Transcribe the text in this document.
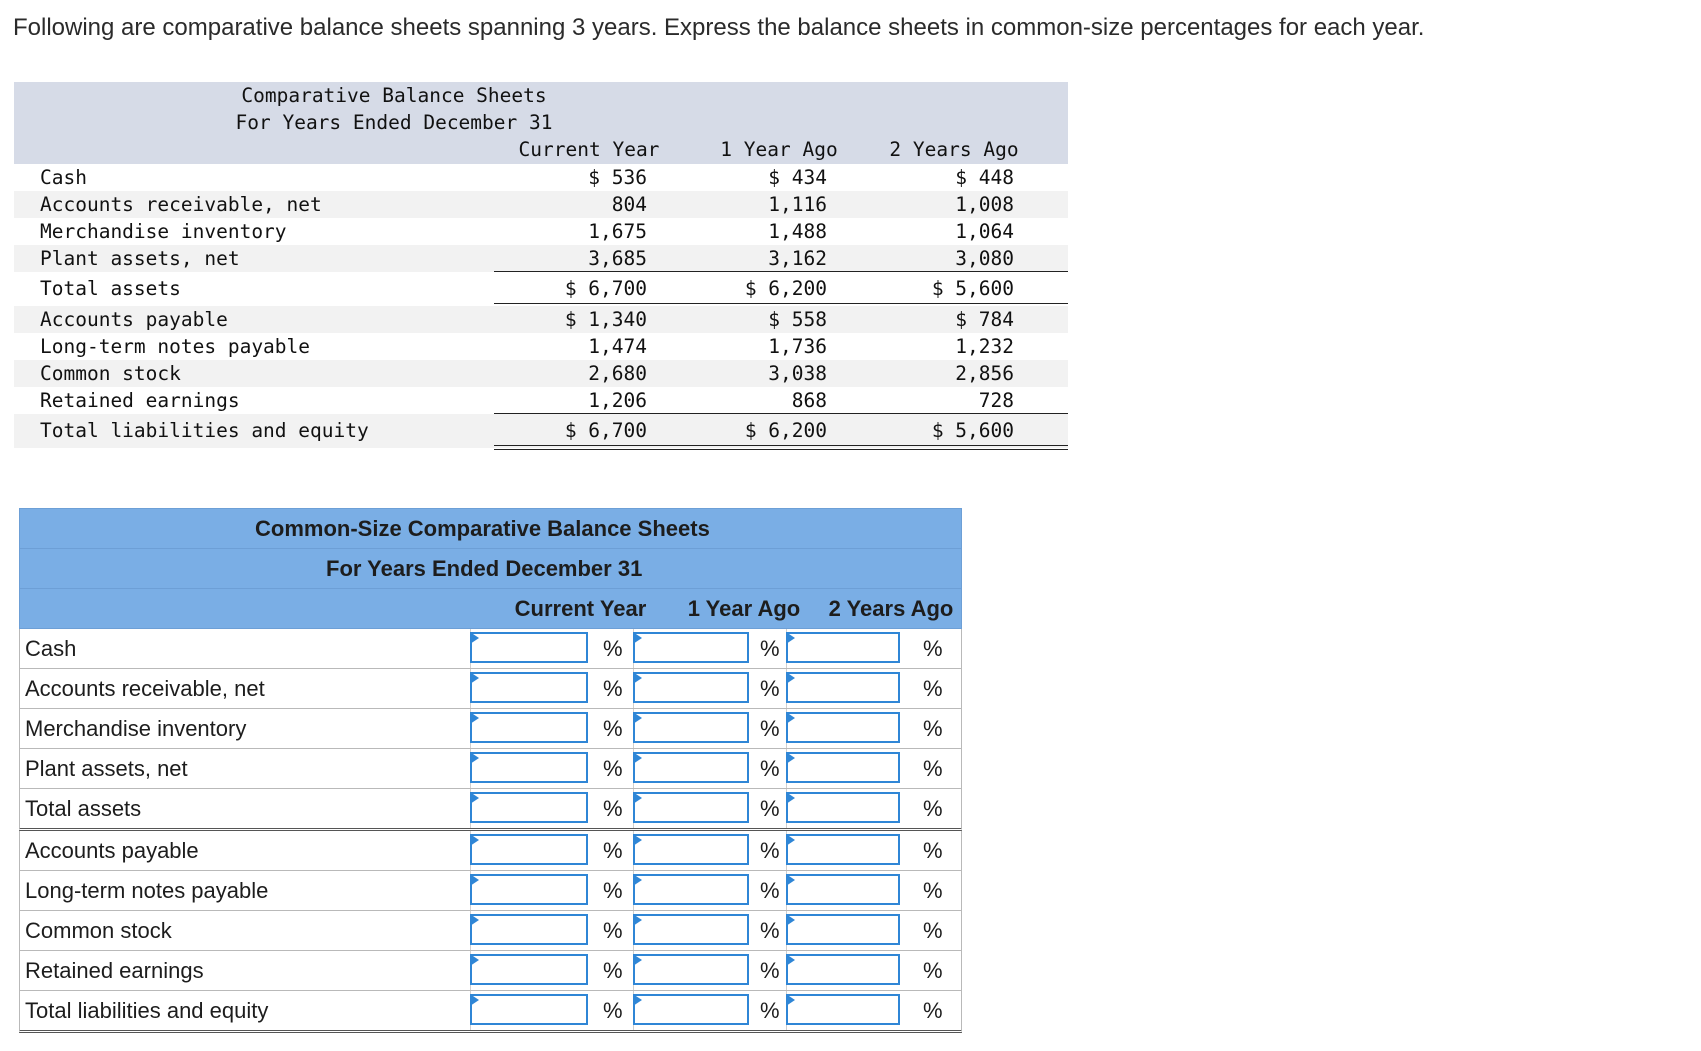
Following are comparative balance sheets spanning 3 years. Express the balance sheets in common-size percentages for each year.

Comparative Balance Sheets
For Years Ended December 31
Current Year	1 Year Ago	2 Years Ago
Cash	$ 536	$ 434	$ 448
Accounts receivable, net	804	1,116	1,008
Merchandise inventory	1,675	1,488	1,064
Plant assets, net	3,685	3,162	3,080
Total assets	$ 6,700	$ 6,200	$ 5,600
Accounts payable	$ 1,340	$ 558	$ 784
Long-term notes payable	1,474	1,736	1,232
Common stock	2,680	3,038	2,856
Retained earnings	1,206	868	728
Total liabilities and equity	$ 6,700	$ 6,200	$ 5,600
Common-Size Comparative Balance Sheets
For Years Ended December 31
Current Year	1 Year Ago	2 Years Ago
Cash	%	%	%
Accounts receivable, net	%	%	%
Merchandise inventory	%	%	%
Plant assets, net	%	%	%
Total assets	%	%	%
Accounts payable	%	%	%
Long-term notes payable	%	%	%
Common stock	%	%	%
Retained earnings	%	%	%
Total liabilities and equity	%	%	%
